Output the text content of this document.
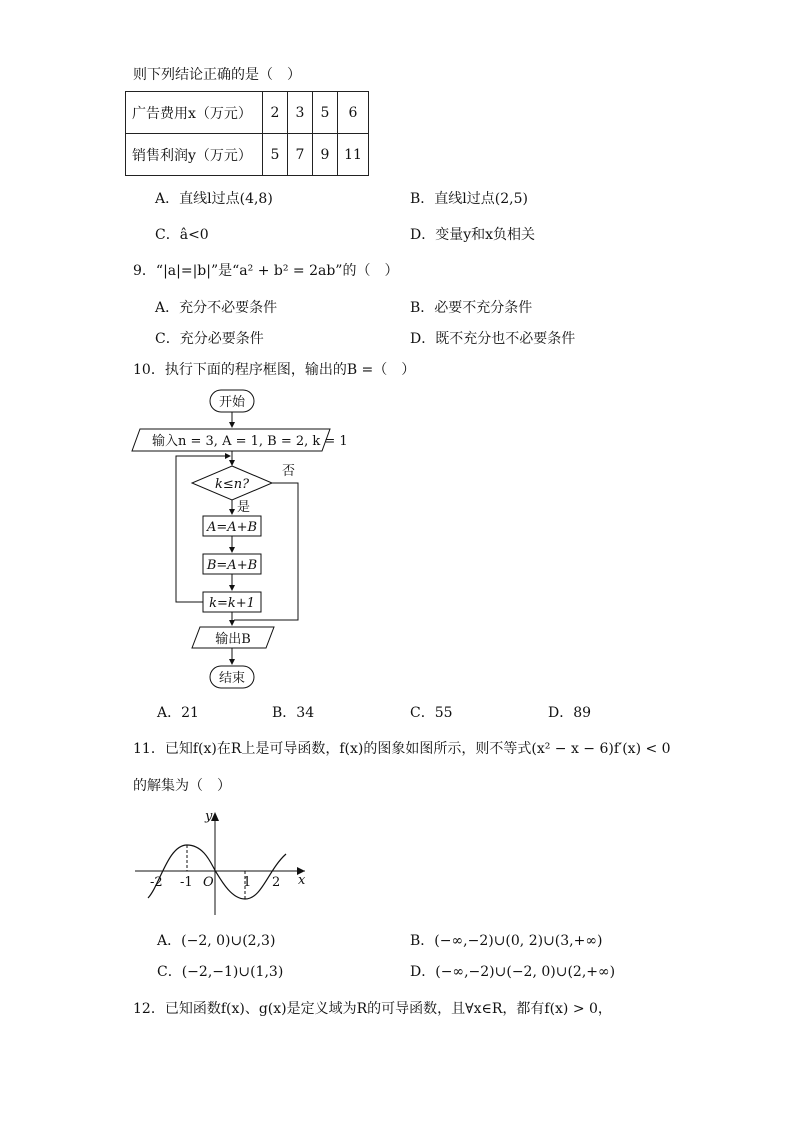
则下列结论正确的是（　）
广告费用x（万元）	2	3	5	6
销售利润y（万元）	5	7	9	11
A．直线l过点(4,8)	B．直线l过点(2,5)
C．â<0	D．变量y和x负相关
9．“|a|=|b|”是“a² + b² = 2ab”的（　）
A．充分不必要条件	B．必要不充分条件
C．充分必要条件	D．既不充分也不必要条件
10．执行下面的程序框图，输出的B =（　）
开始
输入n = 3, A = 1, B = 2, k = 1
k≤n?
否
是
A=A+B
B=A+B
k=k+1
输出B
结束
y
x
O
-2 -1	1 2
A．21	B．34	C．55	D．89
11．已知f(x)在R上是可导函数，f(x)的图象如图所示，则不等式(x² − x − 6)f′(x) < 0
的解集为（　）
A．(−2, 0)∪(2,3)	B．(−∞,−2)∪(0, 2)∪(3,+∞)
C．(−2,−1)∪(1,3)	D．(−∞,−2)∪(−2, 0)∪(2,+∞)
12．已知函数f(x)、g(x)是定义域为R的可导函数，且∀x∈R，都有f(x) > 0，
